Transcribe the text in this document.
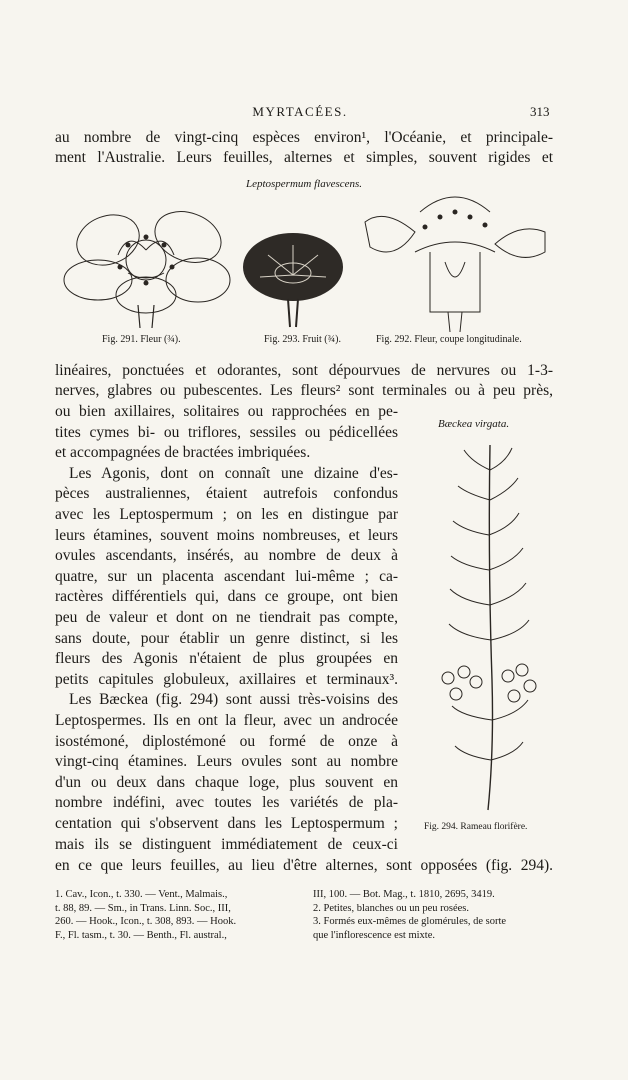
MYRTACÉES.	313
au nombre de vingt-cinq espèces environ¹, l'Océanie, et principale-
ment l'Australie. Leurs feuilles, alternes et simples, souvent rigides et
Leptospermum flavescens.
Fig. 291. Fleur (¾).	Fig. 293. Fruit (¾).	Fig. 292. Fleur, coupe longitudinale.
linéaires, ponctuées et odorantes, sont dépourvues de nervures ou 1-3-
nerves, glabres ou pubescentes. Les fleurs² sont terminales ou à peu près,
ou bien axillaires, solitaires ou rapprochées en pe-
tites cymes bi- ou triflores, sessiles ou pédicellées
et accompagnées de bractées imbriquées.
Les Agonis, dont on connaît une dizaine d'es-
pèces australiennes, étaient autrefois confondus
avec les Leptospermum ; on les en distingue par
leurs étamines, souvent moins nombreuses, et leurs
ovules ascendants, insérés, au nombre de deux à
quatre, sur un placenta ascendant lui-même ; ca-
ractères différentiels qui, dans ce groupe, ont bien
peu de valeur et dont on ne tiendrait pas compte,
sans doute, pour établir un genre distinct, si les
fleurs des Agonis n'étaient de plus groupées en
petits capitules globuleux, axillaires et terminaux³.
Les Bæckea (fig. 294) sont aussi très-voisins des
Leptospermes. Ils en ont la fleur, avec un androcée
isostémoné, diplostémoné ou formé de onze à
vingt-cinq étamines. Leurs ovules sont au nombre
d'un ou deux dans chaque loge, plus souvent en
nombre indéfini, avec toutes les variétés de pla-
centation qui s'observent dans les Leptospermum ;
mais ils se distinguent immédiatement de ceux-ci
Bæckea virgata.
Fig. 294. Rameau florifère.
en ce que leurs feuilles, au lieu d'être alternes, sont opposées (fig. 294).
1. Cav., Icon., t. 330. — Vent., Malmais.,
t. 88, 89. — Sm., in Trans. Linn. Soc., III,
260. — Hook., Icon., t. 308, 893. — Hook.
F., Fl. tasm., t. 30. — Benth., Fl. austral.,
III, 100. — Bot. Mag., t. 1810, 2695, 3419.
2. Petites, blanches ou un peu rosées.
3. Formés eux-mêmes de glomérules, de sorte
que l'inflorescence est mixte.
